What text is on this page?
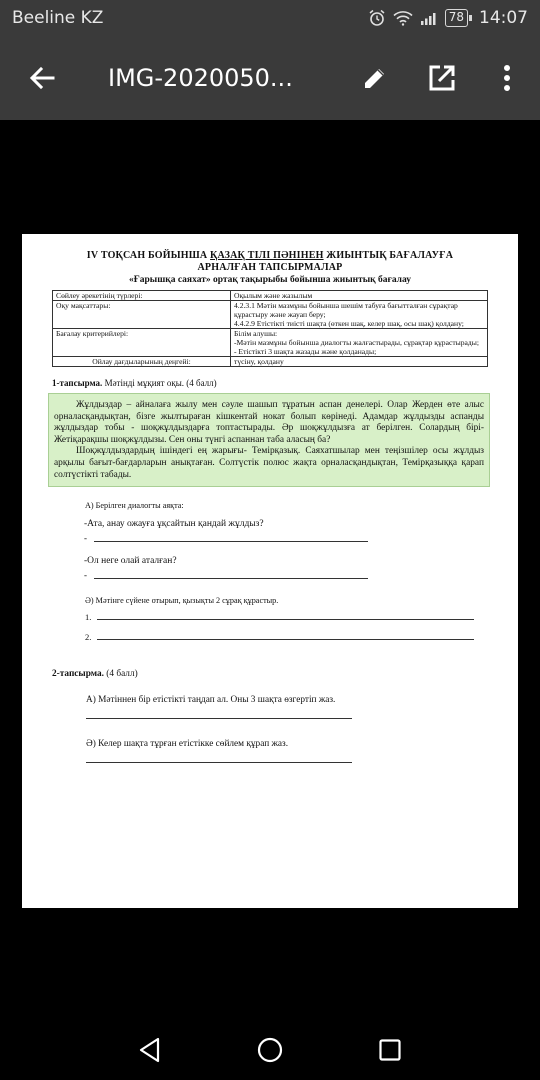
Beeline KZ	78 14:07
IMG-2020050...
IV ТОҚСАН БОЙЫНША ҚАЗАҚ ТІЛІ ПӘНІНЕН ЖИЫНТЫҚ БАҒАЛАУҒА
АРНАЛҒАН ТАПСЫРМАЛАР
«Ғарышқа саяхат» ортақ тақырыбы бойынша жиынтық бағалау
Сөйлеу әрекетінің түрлері:	Оқылым және жазылым
Оқу мақсаттары:	4.2.3.1 Мәтін мазмұны бойынша шешім табуға бағытталған сұрақтар құрастыру және жауап беру;
4.4.2.9 Етістікті тиісті шақта (өткен шақ, келер шақ, осы шақ) қолдану;
Бағалау критерийлері:	Білім алушы:
-Мәтін мазмұны бойынша диалогты жалғастырады, сұрақтар құрастырады;
- Етістікті 3 шақта жазады және қолданады;
Ойлау дағдыларының деңгейі:	түсіну, қолдану
1-тапсырма. Мәтінді мұқият оқы. (4 балл)

Жұлдыздар – айналаға жылу мен сәуле шашып тұратын аспан денелері. Олар Жерден өте алыс орналасқандықтан, бізге жылтыраған кішкентай нокат болып көрінеді. Адамдар жұлдызды аспанды жұлдыздар тобы - шоқжұлдыздарға топтастырады. Әр шоқжұлдызға ат берілген. Солардың бірі- Жетіқарақшы шоқжұлдызы. Сен оны түнгі аспаннан таба аласың ба?

Шоқжұлдыздардың ішіндегі ең жарығы- Темірқазық. Саяхатшылар мен теңізшілер осы жұлдыз арқылы бағыт-бағдарларын анықтаған. Солтүстік полюс жақта орналасқандықтан, Темірқазыққа қарап солтүстікті табады.

А) Берілген диалогты аяқта:
-Ата, анау ожауға ұқсайтын қандай жұлдыз?
-
-Ол неге олай аталған?
-
Ә) Мәтінге сүйене отырып, қызықты 2 сұрақ құрастыр.
1.
2.
2-тапсырма. (4 балл)
А) Мәтіннен бір етістікті таңдап ал. Оны 3 шақта өзгертіп жаз.
Ә) Келер шақта тұрған етістікке сөйлем құрап жаз.
